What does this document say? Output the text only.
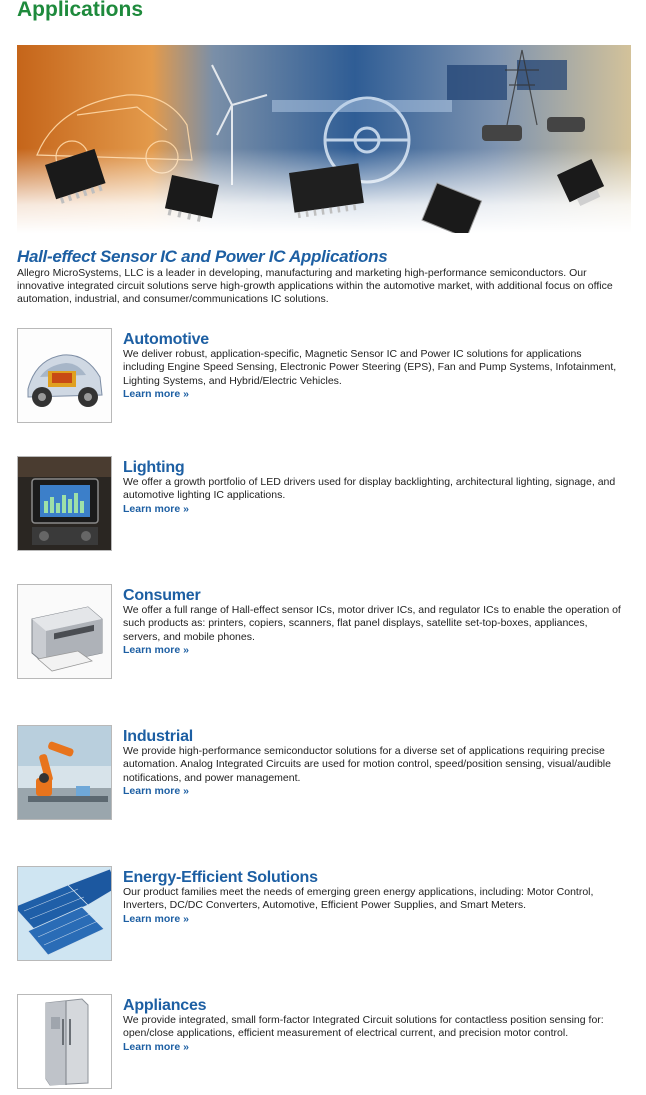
Applications
Hall-effect Sensor IC and Power IC Applications

Allegro MicroSystems, LLC is a leader in developing, manufacturing and marketing high-performance semiconductors. Our innovative integrated circuit solutions serve high-growth applications within the automotive market, with additional focus on office automation, industrial, and consumer/communications IC solutions.

Automotive

We deliver robust, application-specific, Magnetic Sensor IC and Power IC solutions for applications including Engine Speed Sensing, Electronic Power Steering (EPS), Fan and Pump Systems, Infotainment, Lighting Systems, and Hybrid/Electric Vehicles.

Learn more »
Lighting

We offer a growth portfolio of LED drivers used for display backlighting, architectural lighting, signage, and automotive lighting IC applications.

Learn more »
Consumer

We offer a full range of Hall-effect sensor ICs, motor driver ICs, and regulator ICs to enable the operation of such products as: printers, copiers, scanners, flat panel displays, satellite set-top-boxes, appliances, servers, and mobile phones.

Learn more »
Industrial

We provide high-performance semiconductor solutions for a diverse set of applications requiring precise automation. Analog Integrated Circuits are used for motion control, speed/position sensing, visual/audible notifications, and power management.

Learn more »
Energy-Efficient Solutions

Our product families meet the needs of emerging green energy applications, including: Motor Control, Inverters, DC/DC Converters, Automotive, Efficient Power Supplies, and Smart Meters.

Learn more »
Appliances

We provide integrated, small form-factor Integrated Circuit solutions for contactless position sensing for: open/close applications, efficient measurement of electrical current, and precision motor control.

Learn more »
